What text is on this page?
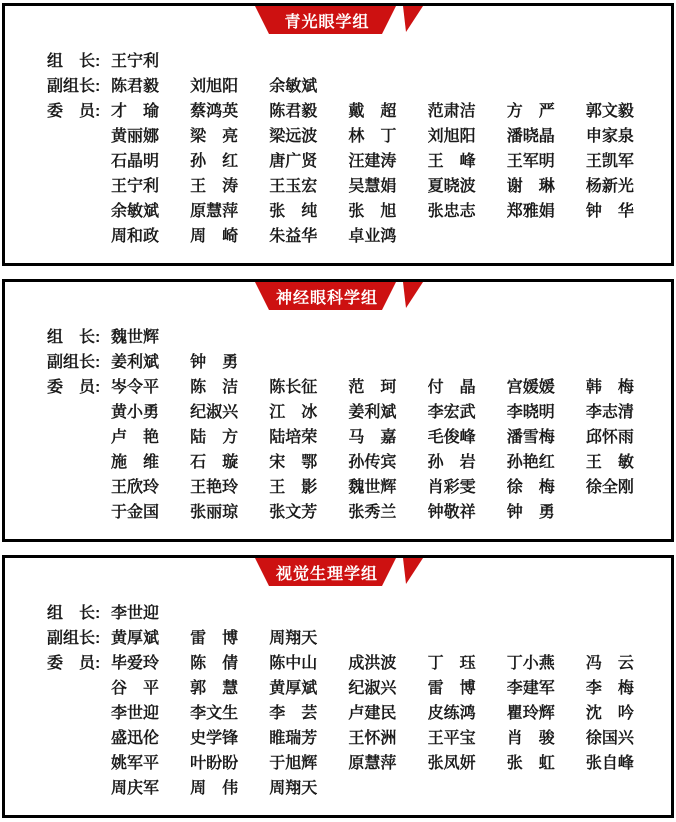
青光眼学组
组　长: 王宁利
副组长: 陈君毅	刘旭阳	余敏斌
委　员: 才　瑜	蔡鸿英	陈君毅	戴　超	范肃洁	方　严	郭文毅
黄丽娜	梁　亮	梁远波	林　丁	刘旭阳	潘晓晶	申家泉
石晶明	孙　红	唐广贤	汪建涛	王　峰	王军明	王凯军
王宁利	王　涛	王玉宏	吴慧娟	夏晓波	谢　琳	杨新光
余敏斌	原慧萍	张　纯	张　旭	张忠志	郑雅娟	钟　华
周和政	周　崎	朱益华	卓业鸿
神经眼科学组
组　长: 魏世辉
副组长: 姜利斌	钟　勇
委　员: 岑令平	陈　洁	陈长征	范　珂	付　晶	宫媛媛	韩　梅
黄小勇	纪淑兴	江　冰	姜利斌	李宏武	李晓明	李志清
卢　艳	陆　方	陆培荣	马　嘉	毛俊峰	潘雪梅	邱怀雨
施　维	石　璇	宋　鄂	孙传宾	孙　岩	孙艳红	王　敏
王欣玲	王艳玲	王　影	魏世辉	肖彩雯	徐　梅	徐全刚
于金国	张丽琼	张文芳	张秀兰	钟敬祥	钟　勇
视觉生理学组
组　长: 李世迎
副组长: 黄厚斌	雷　博	周翔天
委　员: 毕爱玲	陈　倩	陈中山	成洪波	丁　珏	丁小燕	冯　云
谷　平	郭　慧	黄厚斌	纪淑兴	雷　博	李建军	李　梅
李世迎	李文生	李　芸	卢建民	皮练鸿	瞿玲辉	沈　吟
盛迅伦	史学锋	睢瑞芳	王怀洲	王平宝	肖　骏	徐国兴
姚军平	叶盼盼	于旭辉	原慧萍	张凤妍	张　虹	张自峰
周庆军	周　伟	周翔天
